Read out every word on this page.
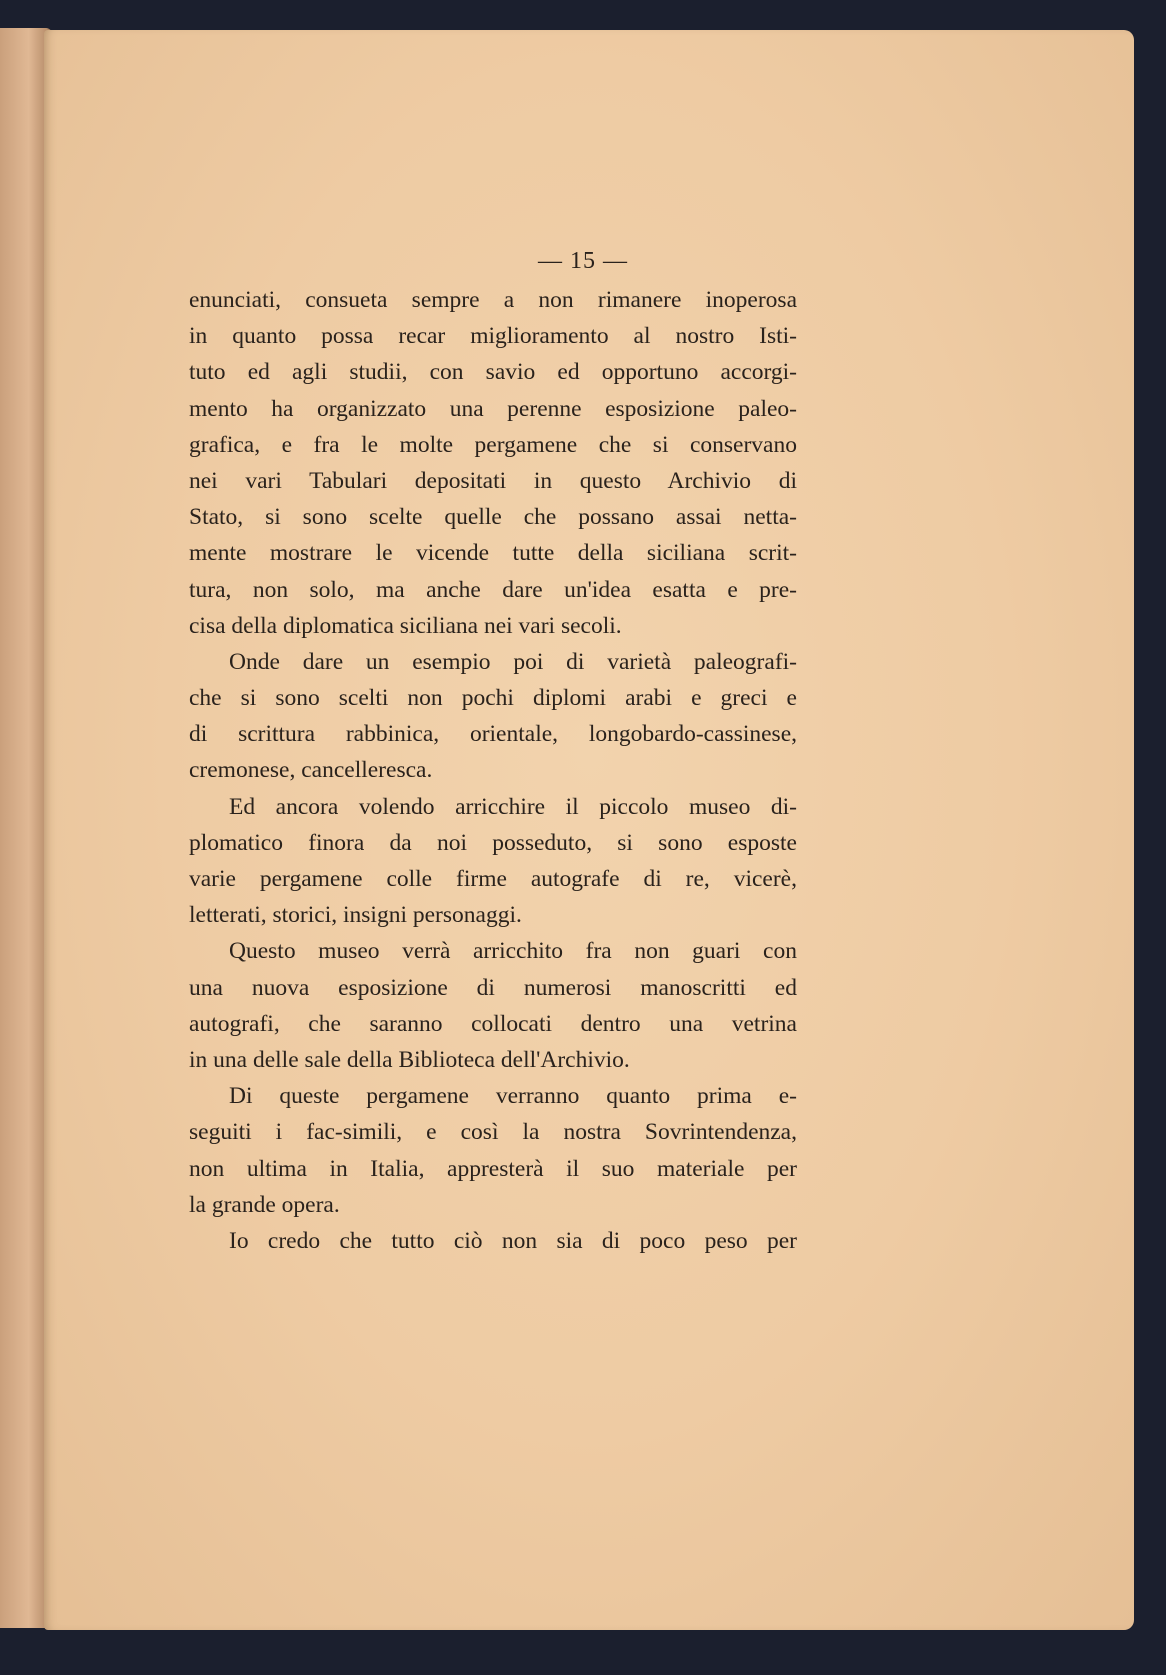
— 15 —
enunciati, consueta sempre a non rimanere inoperosa
in quanto possa recar miglioramento al nostro Isti-
tuto ed agli studii, con savio ed opportuno accorgi-
mento ha organizzato una perenne esposizione paleo-
grafica, e fra le molte pergamene che si conservano
nei vari Tabulari depositati in questo Archivio di
Stato, si sono scelte quelle che possano assai netta-
mente mostrare le vicende tutte della siciliana scrit-
tura, non solo, ma anche dare un'idea esatta e pre-
cisa della diplomatica siciliana nei vari secoli.
Onde dare un esempio poi di varietà paleografi-
che si sono scelti non pochi diplomi arabi e greci e
di scrittura rabbinica, orientale, longobardo-cassinese,
cremonese, cancelleresca.
Ed ancora volendo arricchire il piccolo museo di-
plomatico finora da noi posseduto, si sono esposte
varie pergamene colle firme autografe di re, vicerè,
letterati, storici, insigni personaggi.
Questo museo verrà arricchito fra non guari con
una nuova esposizione di numerosi manoscritti ed
autografi, che saranno collocati dentro una vetrina
in una delle sale della Biblioteca dell'Archivio.
Di queste pergamene verranno quanto prima e-
seguiti i fac-simili, e così la nostra Sovrintendenza,
non ultima in Italia, appresterà il suo materiale per
la grande opera.
Io credo che tutto ciò non sia di poco peso per
